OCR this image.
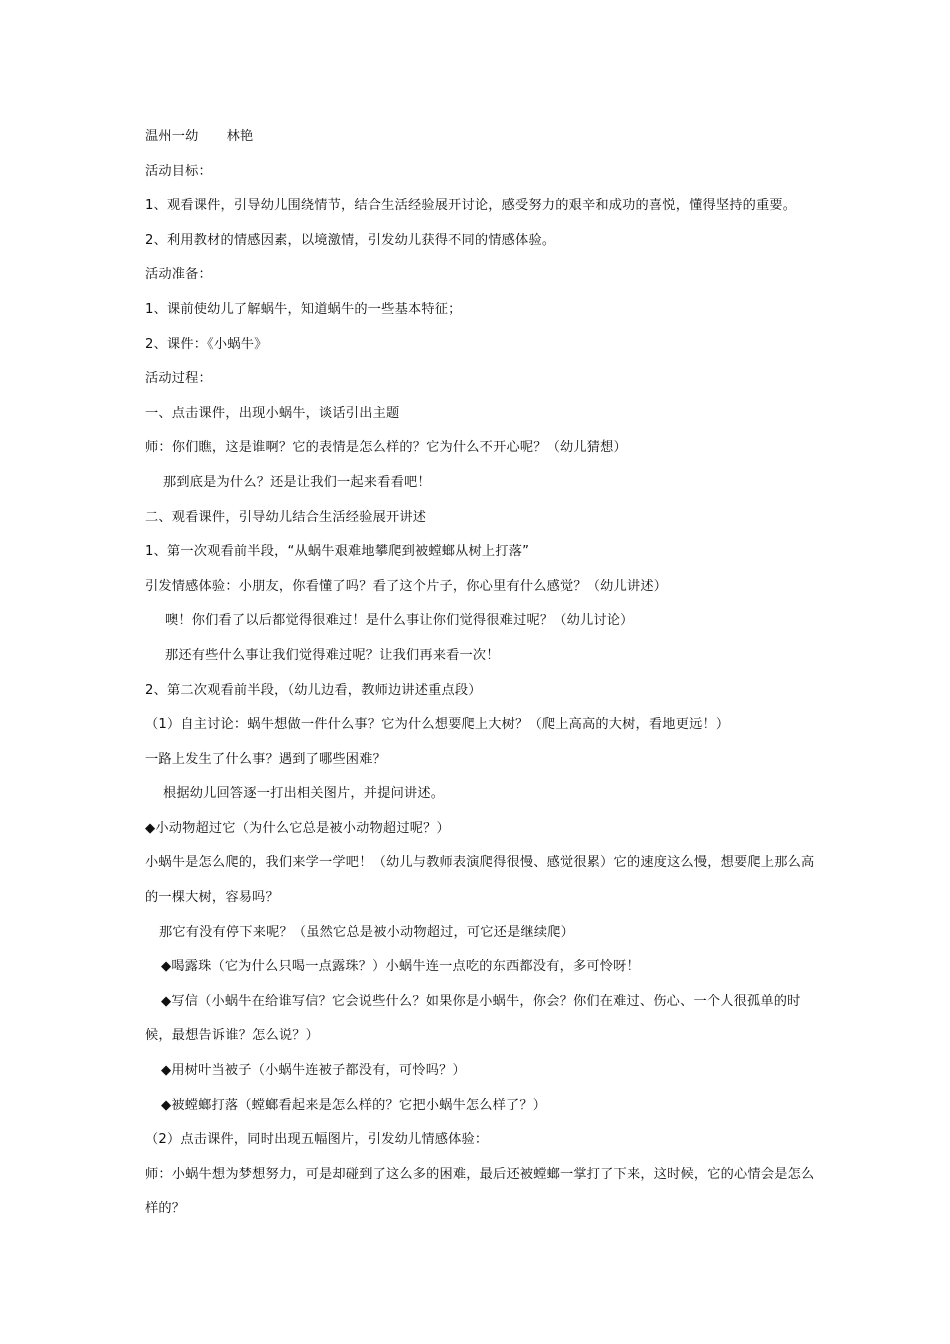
温州一幼 林艳
活动目标：
1、观看课件，引导幼儿围绕情节，结合生活经验展开讨论，感受努力的艰辛和成功的喜悦，懂得坚持的重要。
2、利用教材的情感因素，以境激情，引发幼儿获得不同的情感体验。
活动准备：
1、课前使幼儿了解蜗牛，知道蜗牛的一些基本特征；
2、课件：《小蜗牛》
活动过程：
一、点击课件，出现小蜗牛，谈话引出主题
师：你们瞧，这是谁啊？它的表情是怎么样的？它为什么不开心呢？（幼儿猜想）
那到底是为什么？还是让我们一起来看看吧！
二、观看课件，引导幼儿结合生活经验展开讲述
1、第一次观看前半段，“从蜗牛艰难地攀爬到被螳螂从树上打落”
引发情感体验：小朋友，你看懂了吗？看了这个片子，你心里有什么感觉？（幼儿讲述）
噢！你们看了以后都觉得很难过！是什么事让你们觉得很难过呢？（幼儿讨论）
那还有些什么事让我们觉得难过呢？让我们再来看一次！
2、第二次观看前半段，（幼儿边看，教师边讲述重点段）
（1）自主讨论：蜗牛想做一件什么事？它为什么想要爬上大树？（爬上高高的大树，看地更远！）
一路上发生了什么事？遇到了哪些困难？
根据幼儿回答逐一打出相关图片，并提问讲述。
◆小动物超过它（为什么它总是被小动物超过呢？）
小蜗牛是怎么爬的，我们来学一学吧！（幼儿与教师表演爬得很慢、感觉很累）它的速度这么慢，想要爬上那么高的一棵大树，容易吗？
那它有没有停下来呢？（虽然它总是被小动物超过，可它还是继续爬）
◆喝露珠（它为什么只喝一点露珠？）小蜗牛连一点吃的东西都没有，多可怜呀！
◆写信（小蜗牛在给谁写信？它会说些什么？如果你是小蜗牛，你会？你们在难过、伤心、一个人很孤单的时候，最想告诉谁？怎么说？）
◆用树叶当被子（小蜗牛连被子都没有，可怜吗？）
◆被螳螂打落（螳螂看起来是怎么样的？它把小蜗牛怎么样了？）
（2）点击课件，同时出现五幅图片，引发幼儿情感体验：
师：小蜗牛想为梦想努力，可是却碰到了这么多的困难，最后还被螳螂一掌打了下来，这时候，它的心情会是怎么样的？
